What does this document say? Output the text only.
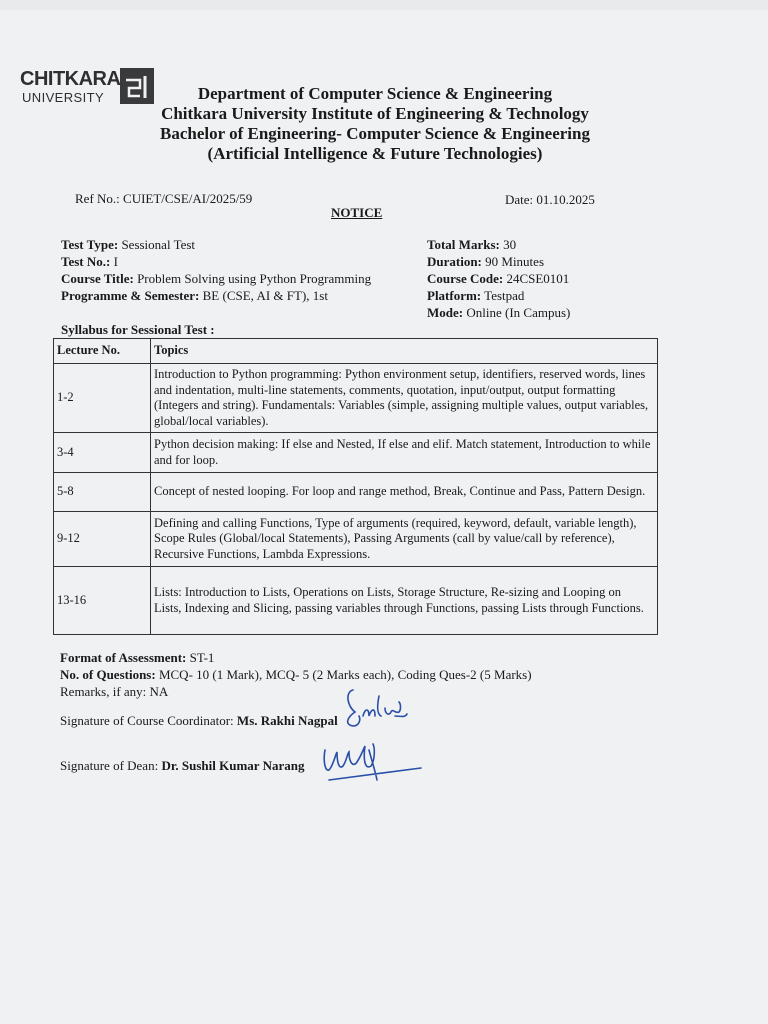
CHITKARA
UNIVERSITY	Department of Computer Science & Engineering
Chitkara University Institute of Engineering & Technology
Bachelor of Engineering- Computer Science & Engineering
(Artificial Intelligence & Future Technologies)
Ref No.: CUIET/CSE/AI/2025/59	Date: 01.10.2025
NOTICE
Test Type: Sessional Test
Test No.: I
Course Title: Problem Solving using Python Programming
Programme & Semester: BE (CSE, AI & FT), 1st
Total Marks: 30
Duration: 90 Minutes
Course Code: 24CSE0101
Platform: Testpad
Mode: Online (In Campus)
Syllabus for Sessional Test :
Lecture No.	Topics
1-2	Introduction to Python programming: Python environment setup, identifiers, reserved words, lines and indentation, multi-line statements, comments, quotation, input/output, output formatting (Integers and string). Fundamentals: Variables (simple, assigning multiple values, output variables, global/local variables).
3-4	Python decision making: If else and Nested, If else and elif. Match statement, Introduction to while and for loop.
5-8	Concept of nested looping. For loop and range method, Break, Continue and Pass, Pattern Design.
9-12	Defining and calling Functions, Type of arguments (required, keyword, default, variable length), Scope Rules (Global/local Statements), Passing Arguments (call by value/call by reference), Recursive Functions, Lambda Expressions.
13-16	Lists: Introduction to Lists, Operations on Lists, Storage Structure, Re-sizing and Looping on
Lists, Indexing and Slicing, passing variables through Functions, passing Lists through Functions.
Format of Assessment: ST-1
No. of Questions: MCQ- 10 (1 Mark), MCQ- 5 (2 Marks each), Coding Ques-2 (5 Marks)
Remarks, if any: NA
Signature of Course Coordinator: Ms. Rakhi Nagpal
Signature of Dean: Dr. Sushil Kumar Narang
